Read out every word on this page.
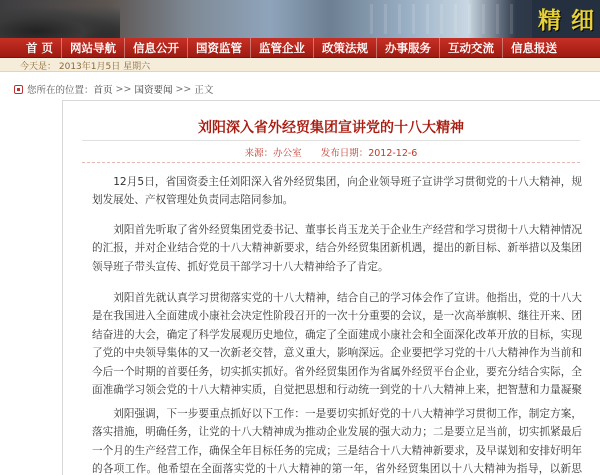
精 细
首 页	网站导航	信息公开	国资监管	监管企业	政策法规	办事服务	互动交流	信息报送
今天是： 2013年1月5日 星期六
您所在的位置： 首页 >> 国资要闻 >> 正文
刘阳深入省外经贸集团宣讲党的十八大精神
来源：办公室 发布日期：2012-12-6
12月5日，省国资委主任刘阳深入省外经贸集团，向企业领导班子宣讲学习贯彻党的十八大精神，规划发展处、产权管理处负责同志陪同参加。
刘阳首先听取了省外经贸集团党委书记、董事长肖玉龙关于企业生产经营和学习贯彻十八大精神情况的汇报，并对企业结合党的十八大精神新要求，结合外经贸集团新机遇，提出的新目标、新举措以及集团领导班子带头宣传、抓好党员干部学习十八大精神给予了肯定。
刘阳首先就认真学习贯彻落实党的十八大精神，结合自己的学习体会作了宣讲。他指出，党的十八大是在我国进入全面建成小康社会决定性阶段召开的一次十分重要的会议，是一次高举旗帜、继往开来、团结奋进的大会，确定了科学发展观历史地位，确定了全面建成小康社会和全面深化改革开放的目标，实现了党的中央领导集体的又一次新老交替，意义重大，影响深远。企业要把学习党的十八大精神作为当前和今后一个时期的首要任务，切实抓实抓好。省外经贸集团作为省属外经贸平台企业，要充分结合实际，全面准确学习领会党的十八大精神实质，自觉把思想和行动统一到党的十八大精神上来，把智慧和力量凝聚
刘阳强调，下一步要重点抓好以下工作：一是要切实抓好党的十八大精神学习贯彻工作，制定方案，落实措施，明确任务，让党的十八大精神成为推动企业发展的强大动力；二是要立足当前，切实抓紧最后一个月的生产经营工作，确保全年目标任务的完成；三是结合十八大精神新要求，及早谋划和安排好明年的各项工作。他希望在全面落实党的十八大精神的第一年，省外经贸集团以十八大精神为指导，以新思
